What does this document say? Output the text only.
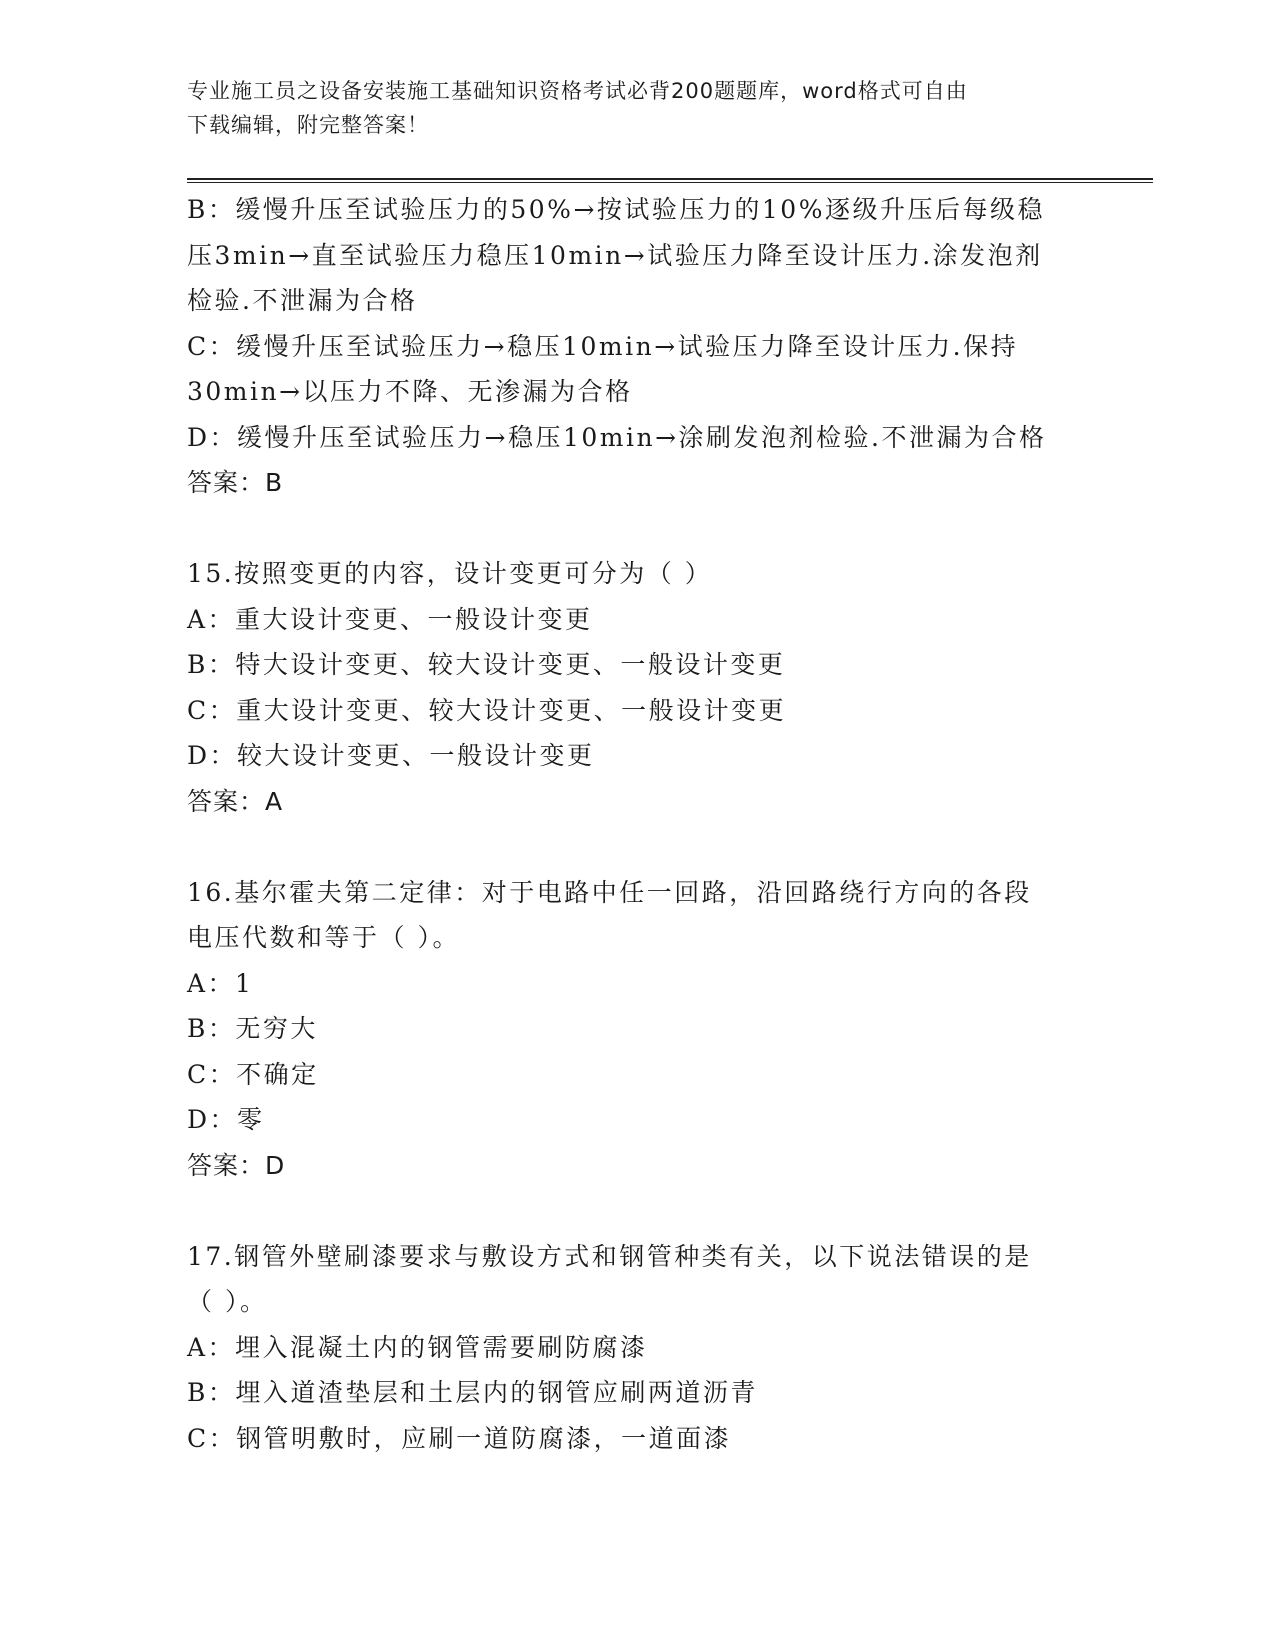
专业施工员之设备安装施工基础知识资格考试必背200题题库，word格式可自由
下载编辑，附完整答案！
B：缓慢升压至试验压力的50%→按试验压力的10%逐级升压后每级稳
压3min→直至试验压力稳压10min→试验压力降至设计压力.涂发泡剂
检验.不泄漏为合格
C：缓慢升压至试验压力→稳压10min→试验压力降至设计压力.保持
30min→以压力不降、无渗漏为合格
D：缓慢升压至试验压力→稳压10min→涂刷发泡剂检验.不泄漏为合格
答案：B
15.按照变更的内容，设计变更可分为（ ）
A：重大设计变更、一般设计变更
B：特大设计变更、较大设计变更、一般设计变更
C：重大设计变更、较大设计变更、一般设计变更
D：较大设计变更、一般设计变更
答案：A
16.基尔霍夫第二定律：对于电路中任一回路，沿回路绕行方向的各段
电压代数和等于（ ）。
A：1
B：无穷大
C：不确定
D：零
答案：D
17.钢管外壁刷漆要求与敷设方式和钢管种类有关，以下说法错误的是
（ ）。
A：埋入混凝土内的钢管需要刷防腐漆
B：埋入道渣垫层和土层内的钢管应刷两道沥青
C：钢管明敷时，应刷一道防腐漆，一道面漆
